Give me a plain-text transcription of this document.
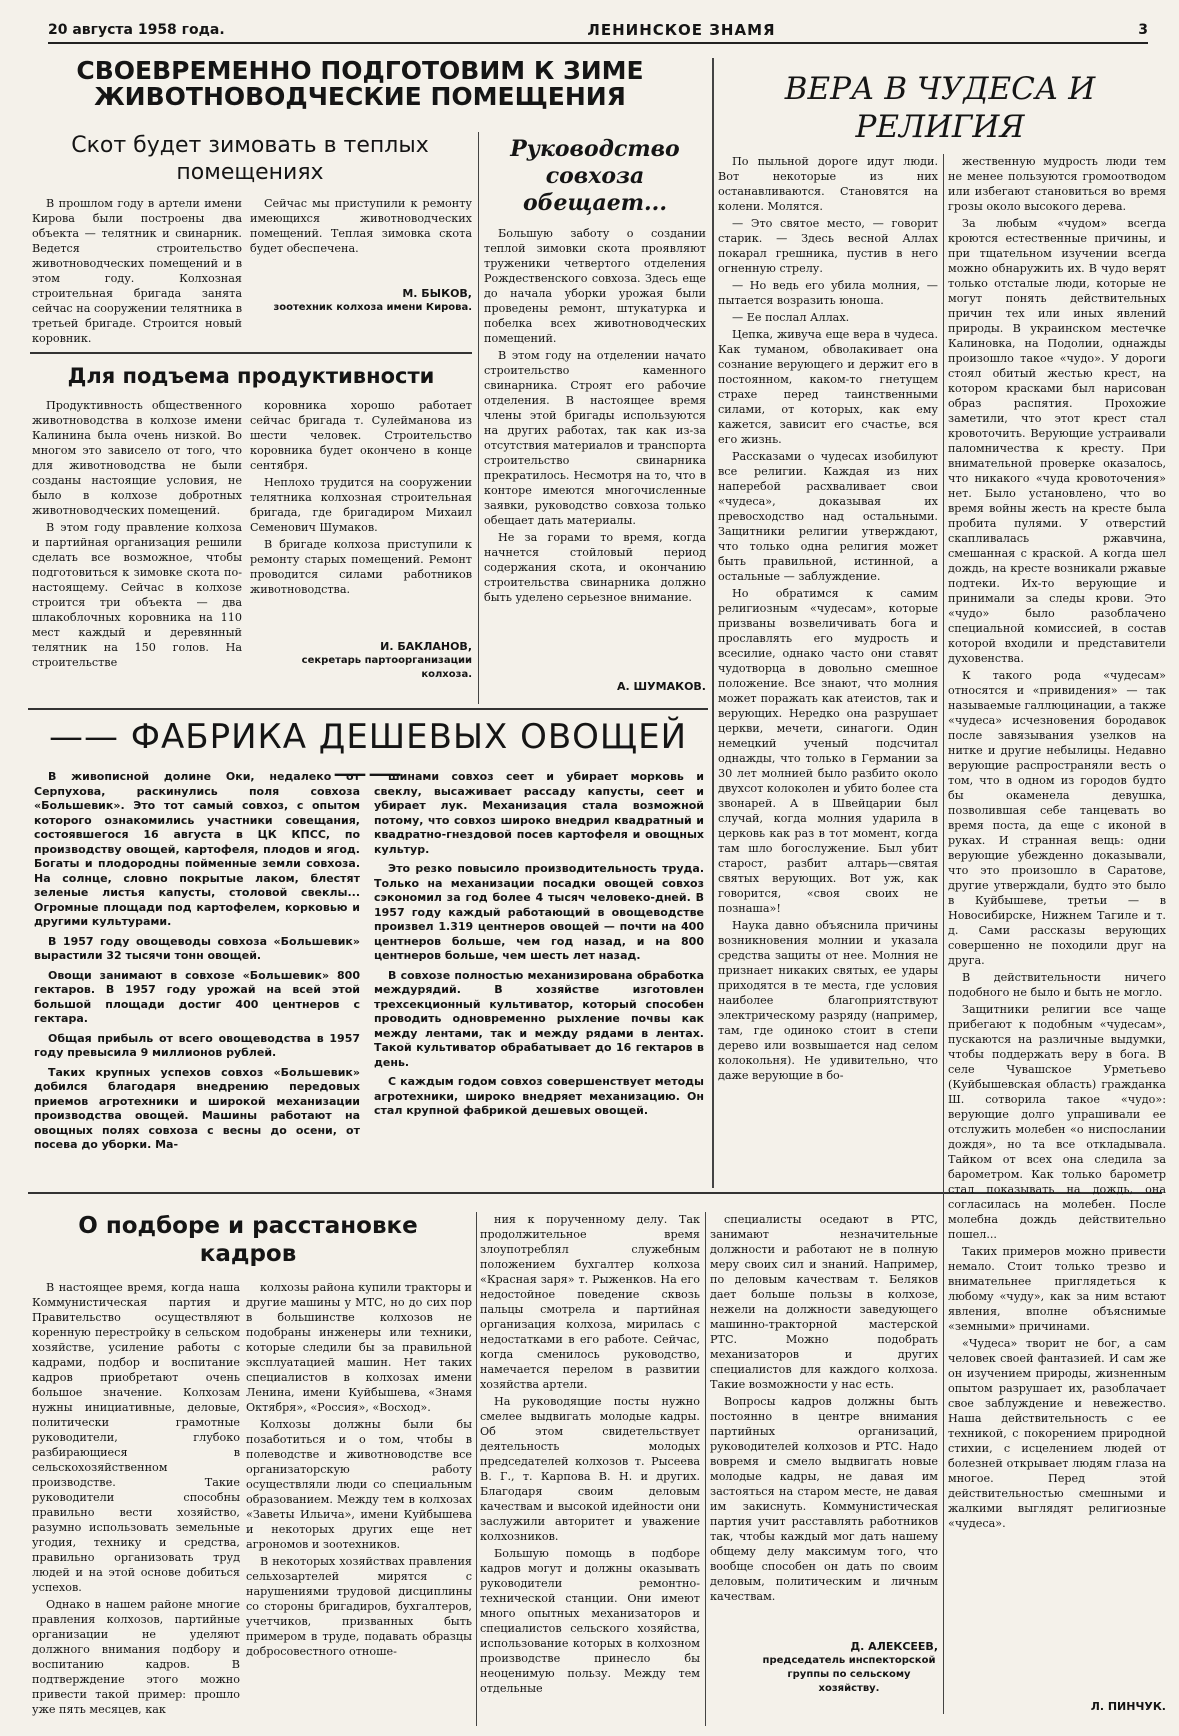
20 августа 1958 года.	ЛЕНИНСКОЕ ЗНАМЯ	3
СВОЕВРЕМЕННО ПОДГОТОВИМ К ЗИМЕ ЖИВОТНОВОДЧЕСКИЕ ПОМЕЩЕНИЯ
Скот будет зимовать в теплых помещениях

В прошлом году в артели имени Кирова были построены два объекта — телятник и свинарник. Ведется строительство животноводческих помещений и в этом году. Колхозная строительная бригада занята сейчас на сооружении телятника в третьей бригаде. Строится новый коровник.

Сейчас мы приступили к ремонту имеющихся животноводческих помещений. Теплая зимовка скота будет обеспечена.

М. БЫКОВ,
зоотехник колхоза имени Кирова.
Для подъема продуктивности

Продуктивность общественного животноводства в колхозе имени Калинина была очень низкой. Во многом это зависело от того, что для животноводства не были созданы настоящие условия, не было в колхозе добротных животноводческих помещений.

В этом году правление колхоза и партийная организация решили сделать все возможное, чтобы подготовиться к зимовке скота по-настоящему. Сейчас в колхозе строится три объекта — два шлакоблочных коровника на 110 мест каждый и деревянный телятник на 150 голов. На строительстве

коровника хорошо работает сейчас бригада т. Сулейманова из шести человек. Строительство коровника будет окончено в конце сентября.

Неплохо трудится на сооружении телятника колхозная строительная бригада, где бригадиром Михаил Семенович Шумаков.

В бригаде колхоза приступили к ремонту старых помещений. Ремонт проводится силами работников животноводства.

И. БАКЛАНОВ,
секретарь партоорганизации колхоза.
Руководство совхоза обещает...

Большую заботу о создании теплой зимовки скота проявляют труженики четвертого отделения Рождественского совхоза. Здесь еще до начала уборки урожая были проведены ремонт, штукатурка и побелка всех животноводческих помещений.

В этом году на отделении начато строительство каменного свинарника. Строят его рабочие отделения. В настоящее время члены этой бригады используются на других работах, так как из-за отсутствия материалов и транспорта строительство свинарника прекратилось. Несмотря на то, что в конторе имеются многочисленные заявки, руководство совхоза только обещает дать материалы.

Не за горами то время, когда начнется стойловый период содержания скота, и окончанию строительства свинарника должно быть уделено серьезное внимание.

А. ШУМАКОВ.
—— ФАБРИКА ДЕШЕВЫХ ОВОЩЕЙ ——

В живописной долине Оки, недалеко от Серпухова, раскинулись поля совхоза «Большевик». Это тот самый совхоз, с опытом которого ознакомились участники совещания, состоявшегося 16 августа в ЦК КПСС, по производству овощей, картофеля, плодов и ягод. Богаты и плодородны пойменные земли совхоза. На солнце, словно покрытые лаком, блестят зеленые листья капусты, столовой свеклы... Огромные площади под картофелем, корковью и другими культурами.

В 1957 году овощеводы совхоза «Большевик» вырастили 32 тысячи тонн овощей.

Овощи занимают в совхозе «Большевик» 800 гектаров. В 1957 году урожай на всей этой большой площади достиг 400 центнеров с гектара.

Общая прибыль от всего овощеводства в 1957 году превысила 9 миллионов рублей.

Таких крупных успехов совхоз «Большевик» добился благодаря внедрению передовых приемов агротехники и широкой механизации производства овощей. Машины работают на овощных полях совхоза с весны до осени, от посева до уборки. Ма-

шинами совхоз сеет и убирает морковь и свеклу, высаживает рассаду капусты, сеет и убирает лук. Механизация стала возможной потому, что совхоз широко внедрил квадратный и квадратно-гнездовой посев картофеля и овощных культур.

Это резко повысило производительность труда. Только на механизации посадки овощей совхоз сэкономил за год более 4 тысяч человеко-дней. В 1957 году каждый работающий в овощеводстве произвел 1.319 центнеров овощей — почти на 400 центнеров больше, чем год назад, и на 800 центнеров больше, чем шесть лет назад.

В совхозе полностью механизирована обработка междурядий. В хозяйстве изготовлен трехсекционный культиватор, который способен проводить одновременно рыхление почвы как между лентами, так и между рядами в лентах. Такой культиватор обрабатывает до 16 гектаров в день.

С каждым годом совхоз совершенствует методы агротехники, широко внедряет механизацию. Он стал крупной фабрикой дешевых овощей.

ВЕРА В ЧУДЕСА И РЕЛИГИЯ

По пыльной дороге идут люди. Вот некоторые из них останавливаются. Становятся на колени. Молятся.

— Это святое место, — говорит старик. — Здесь весной Аллах покарал грешника, пустив в него огненную стрелу.

— Но ведь его убила молния, — пытается возразить юноша.

— Ее послал Аллах.

Цепка, живуча еще вера в чудеса. Как туманом, обволакивает она сознание верующего и держит его в постоянном, каком-то гнетущем страхе перед таинственными силами, от которых, как ему кажется, зависит его счастье, вся его жизнь.

Рассказами о чудесах изобилуют все религии. Каждая из них наперебой расхваливает свои «чудеса», доказывая их превосходство над остальными. Защитники религии утверждают, что только одна религия может быть правильной, истинной, а остальные — заблуждение.

Но обратимся к самим религиозным «чудесам», которые призваны возвеличивать бога и прославлять его мудрость и всесилие, однако часто они ставят чудотворца в довольно смешное положение. Все знают, что молния может поражать как атеистов, так и верующих. Нередко она разрушает церкви, мечети, синагоги. Один немецкий ученый подсчитал однажды, что только в Германии за 30 лет молнией было разбито около двухсот колоколен и убито более ста звонарей. А в Швейцарии был случай, когда молния ударила в церковь как раз в тот момент, когда там шло богослужение. Был убит старост, разбит алтарь—святая святых верующих. Вот уж, как говорится, «своя своих не познаша»!

Наука давно объяснила причины возникновения молнии и указала средства защиты от нее. Молния не признает никаких святых, ее удары приходятся в те места, где условия наиболее благоприятствуют электрическому разряду (например, там, где одиноко стоит в степи дерево или возвышается над селом колокольня). Не удивительно, что даже верующие в бо-

жественную мудрость люди тем не менее пользуются громоотводом или избегают становиться во время грозы около высокого дерева.

За любым «чудом» всегда кроются естественные причины, и при тщательном изучении всегда можно обнаружить их. В чудо верят только отсталые люди, которые не могут понять действительных причин тех или иных явлений природы. В украинском местечке Калиновка, на Подолии, однажды произошло такое «чудо». У дороги стоял обитый жестью крест, на котором красками был нарисован образ распятия. Прохожие заметили, что этот крест стал кровоточить. Верующие устраивали паломничества к кресту. При внимательной проверке оказалось, что никакого «чуда кровоточения» нет. Было установлено, что во время войны жесть на кресте была пробита пулями. У отверстий скапливалась ржавчина, смешанная с краской. А когда шел дождь, на кресте возникали ржавые подтеки. Их-то верующие и принимали за следы крови. Это «чудо» было разоблачено специальной комиссией, в состав которой входили и представители духовенства.

К такого рода «чудесам» относятся и «привидения» — так называемые галлюцинации, а также «чудеса» исчезновения бородавок после завязывания узелков на нитке и другие небылицы. Недавно верующие распространяли весть о том, что в одном из городов будто бы окаменела девушка, позволившая себе танцевать во время поста, да еще с иконой в руках. И странная вещь: одни верующие убежденно доказывали, что это произошло в Саратове, другие утверждали, будто это было в Куйбышеве, третьи — в Новосибирске, Нижнем Тагиле и т. д. Сами рассказы верующих совершенно не походили друг на друга.

В действительности ничего подобного не было и быть не могло.

Защитники религии все чаще прибегают к подобным «чудесам», пускаются на различные выдумки, чтобы поддержать веру в бога. В селе Чувашское Урметьево (Куйбышевская область) гражданка Ш. сотворила такое «чудо»: верующие долго упрашивали ее отслужить молебен «о ниспослании дождя», но та все откладывала. Тайком от всех она следила за барометром. Как только барометр стал показывать на дождь, она согласилась на молебен. После молебна дождь действительно пошел...

Таких примеров можно привести немало. Стоит только трезво и внимательнее приглядеться к любому «чуду», как за ним встают явления, вполне объяснимые «земными» причинами.

«Чудеса» творит не бог, а сам человек своей фантазией. И сам же он изучением природы, жизненным опытом разрушает их, разоблачает свое заблуждение и невежество. Наша действительность с ее техникой, с покорением природной стихии, с исцелением людей от болезней открывает людям глаза на многое. Перед этой действительностью смешными и жалкими выглядят религиозные «чудеса».

Л. ПИНЧУК.
О подборе и расстановке кадров

В настоящее время, когда наша Коммунистическая партия и Правительство осуществляют коренную перестройку в сельском хозяйстве, усиление работы с кадрами, подбор и воспитание кадров приобретают очень большое значение. Колхозам нужны инициативные, деловые, политически грамотные руководители, глубоко разбирающиеся в сельскохозяйственном производстве. Такие руководители способны правильно вести хозяйство, разумно использовать земельные угодия, технику и средства, правильно организовать труд людей и на этой основе добиться успехов.

Однако в нашем районе многие правления колхозов, партийные организации не уделяют должного внимания подбору и воспитанию кадров. В подтверждение этого можно привести такой пример: прошло уже пять месяцев, как

колхозы района купили тракторы и другие машины у МТС, но до сих пор в большинстве колхозов не подобраны инженеры или техники, которые следили бы за правильной эксплуатацией машин. Нет таких специалистов в колхозах имени Ленина, имени Куйбышева, «Знамя Октября», «Россия», «Восход».

Колхозы должны были бы позаботиться и о том, чтобы в полеводстве и животноводстве все организаторскую работу осуществляли люди со специальным образованием. Между тем в колхозах «Заветы Ильича», имени Куйбышева и некоторых других еще нет агрономов и зоотехников.

В некоторых хозяйствах правления сельхозартелей мирятся с нарушениями трудовой дисциплины со стороны бригадиров, бухгалтеров, учетчиков, призванных быть примером в труде, подавать образцы добросовестного отноше-

ния к порученному делу. Так продолжительное время злоупотреблял служебным положением бухгалтер колхоза «Красная заря» т. Рыженков. На его недостойное поведение сквозь пальцы смотрела и партийная организация колхоза, мирилась с недостатками в его работе. Сейчас, когда сменилось руководство, намечается перелом в развитии хозяйства артели.

На руководящие посты нужно смелее выдвигать молодые кадры. Об этом свидетельствует деятельность молодых председателей колхозов т. Рысеева В. Г., т. Карпова В. Н. и других. Благодаря своим деловым качествам и высокой идейности они заслужили авторитет и уважение колхозников.

Большую помощь в подборе кадров могут и должны оказывать руководители ремонтно-технической станции. Они имеют много опытных механизаторов и специалистов сельского хозяйства, использование которых в колхозном производстве принесло бы неоценимую пользу. Между тем отдельные

специалисты оседают в РТС, занимают незначительные должности и работают не в полную меру своих сил и знаний. Например, по деловым качествам т. Беляков дает больше пользы в колхозе, нежели на должности заведующего машинно-тракторной мастерской РТС. Можно подобрать механизаторов и других специалистов для каждого колхоза. Такие возможности у нас есть.

Вопросы кадров должны быть постоянно в центре внимания партийных организаций, руководителей колхозов и РТС. Надо вовремя и смело выдвигать новые молодые кадры, не давая им застояться на старом месте, не давая им закиснуть. Коммунистическая партия учит расставлять работников так, чтобы каждый мог дать нашему общему делу максимум того, что вообще способен он дать по своим деловым, политическим и личным качествам.

Д. АЛЕКСЕЕВ,
председатель инспекторской группы по сельскому хозяйству.
